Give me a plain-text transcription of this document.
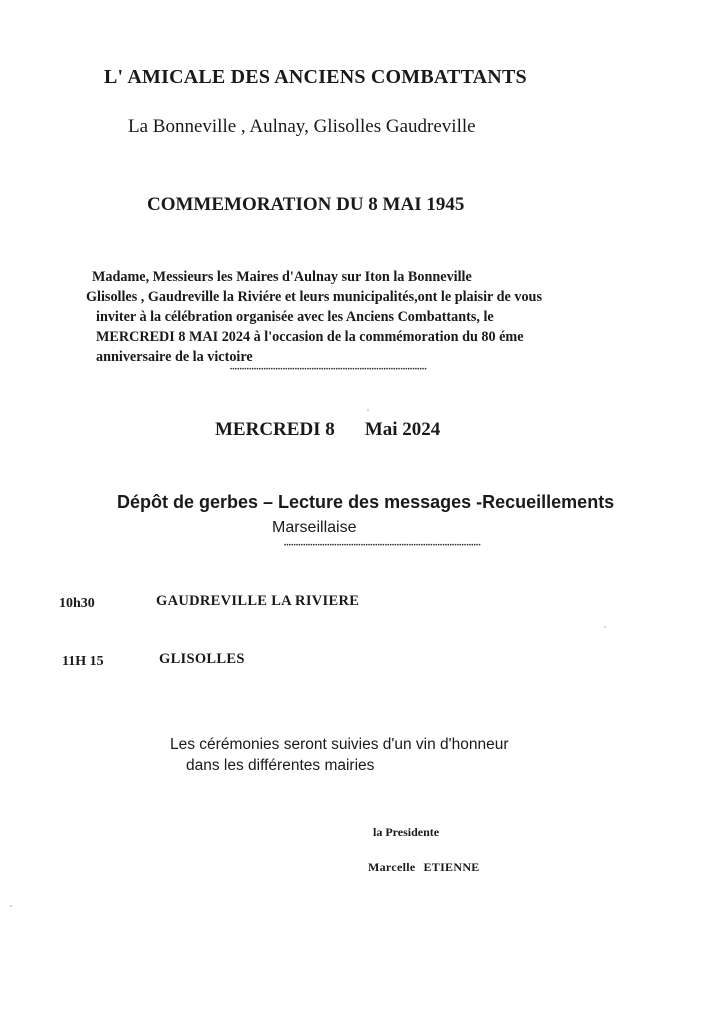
L' AMICALE DES ANCIENS COMBATTANTS
La Bonneville , Aulnay, Glisolles Gaudreville
COMMEMORATION DU 8 MAI 1945
Madame, Messieurs les Maires d'Aulnay sur Iton la Bonneville
Glisolles , Gaudreville la Riviére et leurs municipalités,ont le plaisir de vous
inviter à la célébration organisée avec les Anciens Combattants, le
MERCREDI 8 MAI 2024 à l'occasion de la commémoration du 80 éme
anniversaire de la victoire
••••••••••••••••••••••••••••••••••••••••••••••••••••••••••••••••••••••••••••••••••
MERCREDI 8 Mai 2024
Dépôt de gerbes – Lecture des messages -Recueillements
Marseillaise
••••••••••••••••••••••••••••••••••••••••••••••••••••••••••••••••••••••••••••••••••
10h30	GAUDREVILLE LA RIVIERE
11H 15	GLISOLLES
Les cérémonies seront suivies d'un vin d'honneur
dans les différentes mairies
la Presidente
Marcelle ETIENNE
